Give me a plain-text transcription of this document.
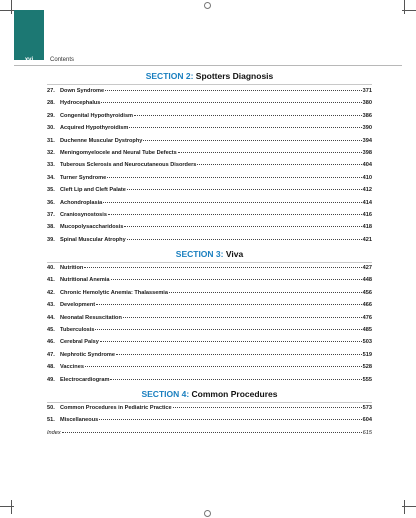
xvi	Contents
SECTION 2: Spotters Diagnosis
27. Down Syndrome	371
28. Hydrocephalus	380
29. Congenital Hypothyroidism	386
30. Acquired Hypothyroidism	390
31. Duchenne Muscular Dystrophy	394
32. Meningomyelocele and Neural Tube Defects	398
33. Tuberous Sclerosis and Neurocutaneous Disorders	404
34. Turner Syndrome	410
35. Cleft Lip and Cleft Palate	412
36. Achondroplasia	414
37. Craniosynostosis	416
38. Mucopolysaccharidosis	418
39. Spinal Muscular Atrophy	421
SECTION 3: Viva
40. Nutrition	427
41. Nutritional Anemia	448
42. Chronic Hemolytic Anemia: Thalassemia	456
43. Development	466
44. Neonatal Resuscitation	476
45. Tuberculosis	485
46. Cerebral Palsy	503
47. Nephrotic Syndrome	519
48. Vaccines	528
49. Electrocardiogram	555
SECTION 4: Common Procedures
50. Common Procedures in Pediatric Practice	573
51. Miscellaneous	604
Index	615
